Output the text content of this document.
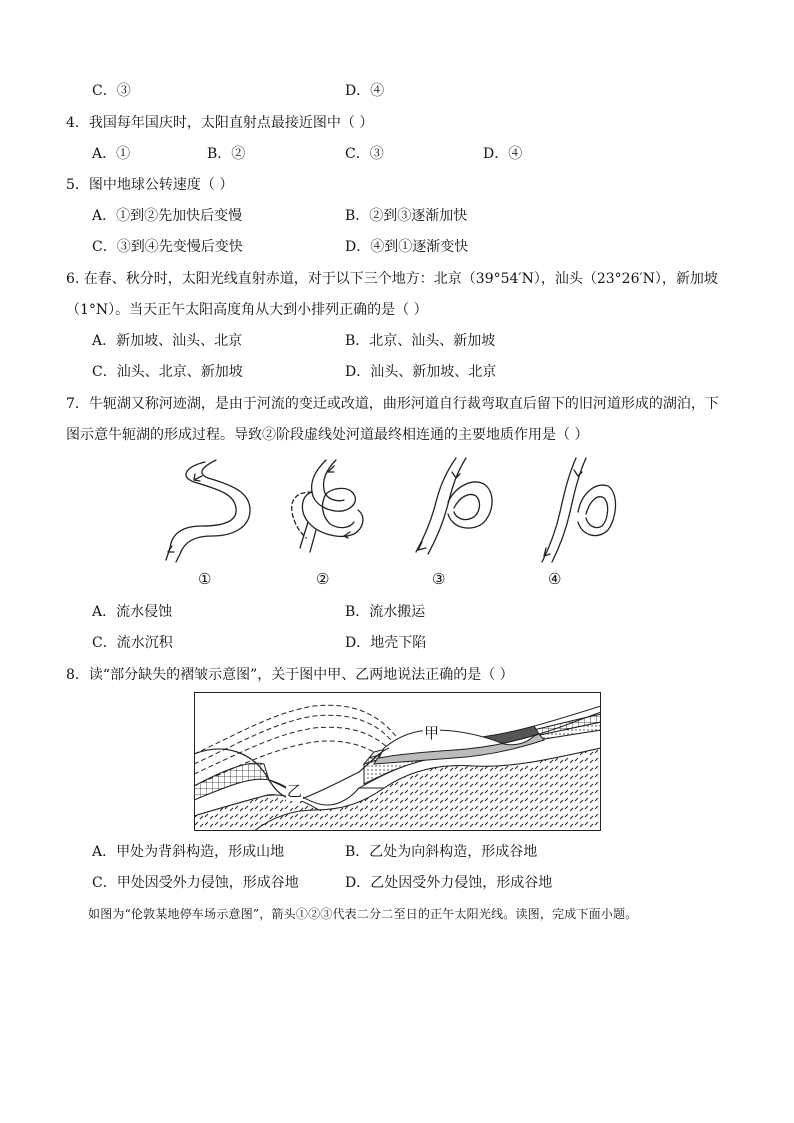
C．③	D．④
4．我国每年国庆时，太阳直射点最接近图中（ ）
A．①	B．②	C．③	D．④
5．图中地球公转速度（ ）
A．①到②先加快后变慢	B．②到③逐渐加快
C．③到④先变慢后变快	D．④到①逐渐变快
6. 在春、秋分时，太阳光线直射赤道，对于以下三个地方：北京（39°54′N），汕头（23°26′N），新加坡
（1°N）。当天正午太阳高度角从大到小排列正确的是（ ）
A．新加坡、汕头、北京	B．北京、汕头、新加坡
C．汕头、北京、新加坡	D．汕头、新加坡、北京
7．牛轭湖又称河迹湖，是由于河流的变迁或改道，曲形河道自行裁弯取直后留下的旧河道形成的湖泊，下
图示意牛轭湖的形成过程。导致②阶段虚线处河道最终相连通的主要地质作用是（ ）
①	②	③	④
A．流水侵蚀	B．流水搬运
C．流水沉积	D．地壳下陷
8．读“部分缺失的褶皱示意图”，关于图中甲、乙两地说法正确的是（ ）
甲
乙
A．甲处为背斜构造，形成山地	B．乙处为向斜构造，形成谷地
C．甲处因受外力侵蚀，形成谷地	D．乙处因受外力侵蚀，形成谷地
如图为“伦敦某地停车场示意图”，箭头①②③代表二分二至日的正午太阳光线。读图，完成下面小题。
